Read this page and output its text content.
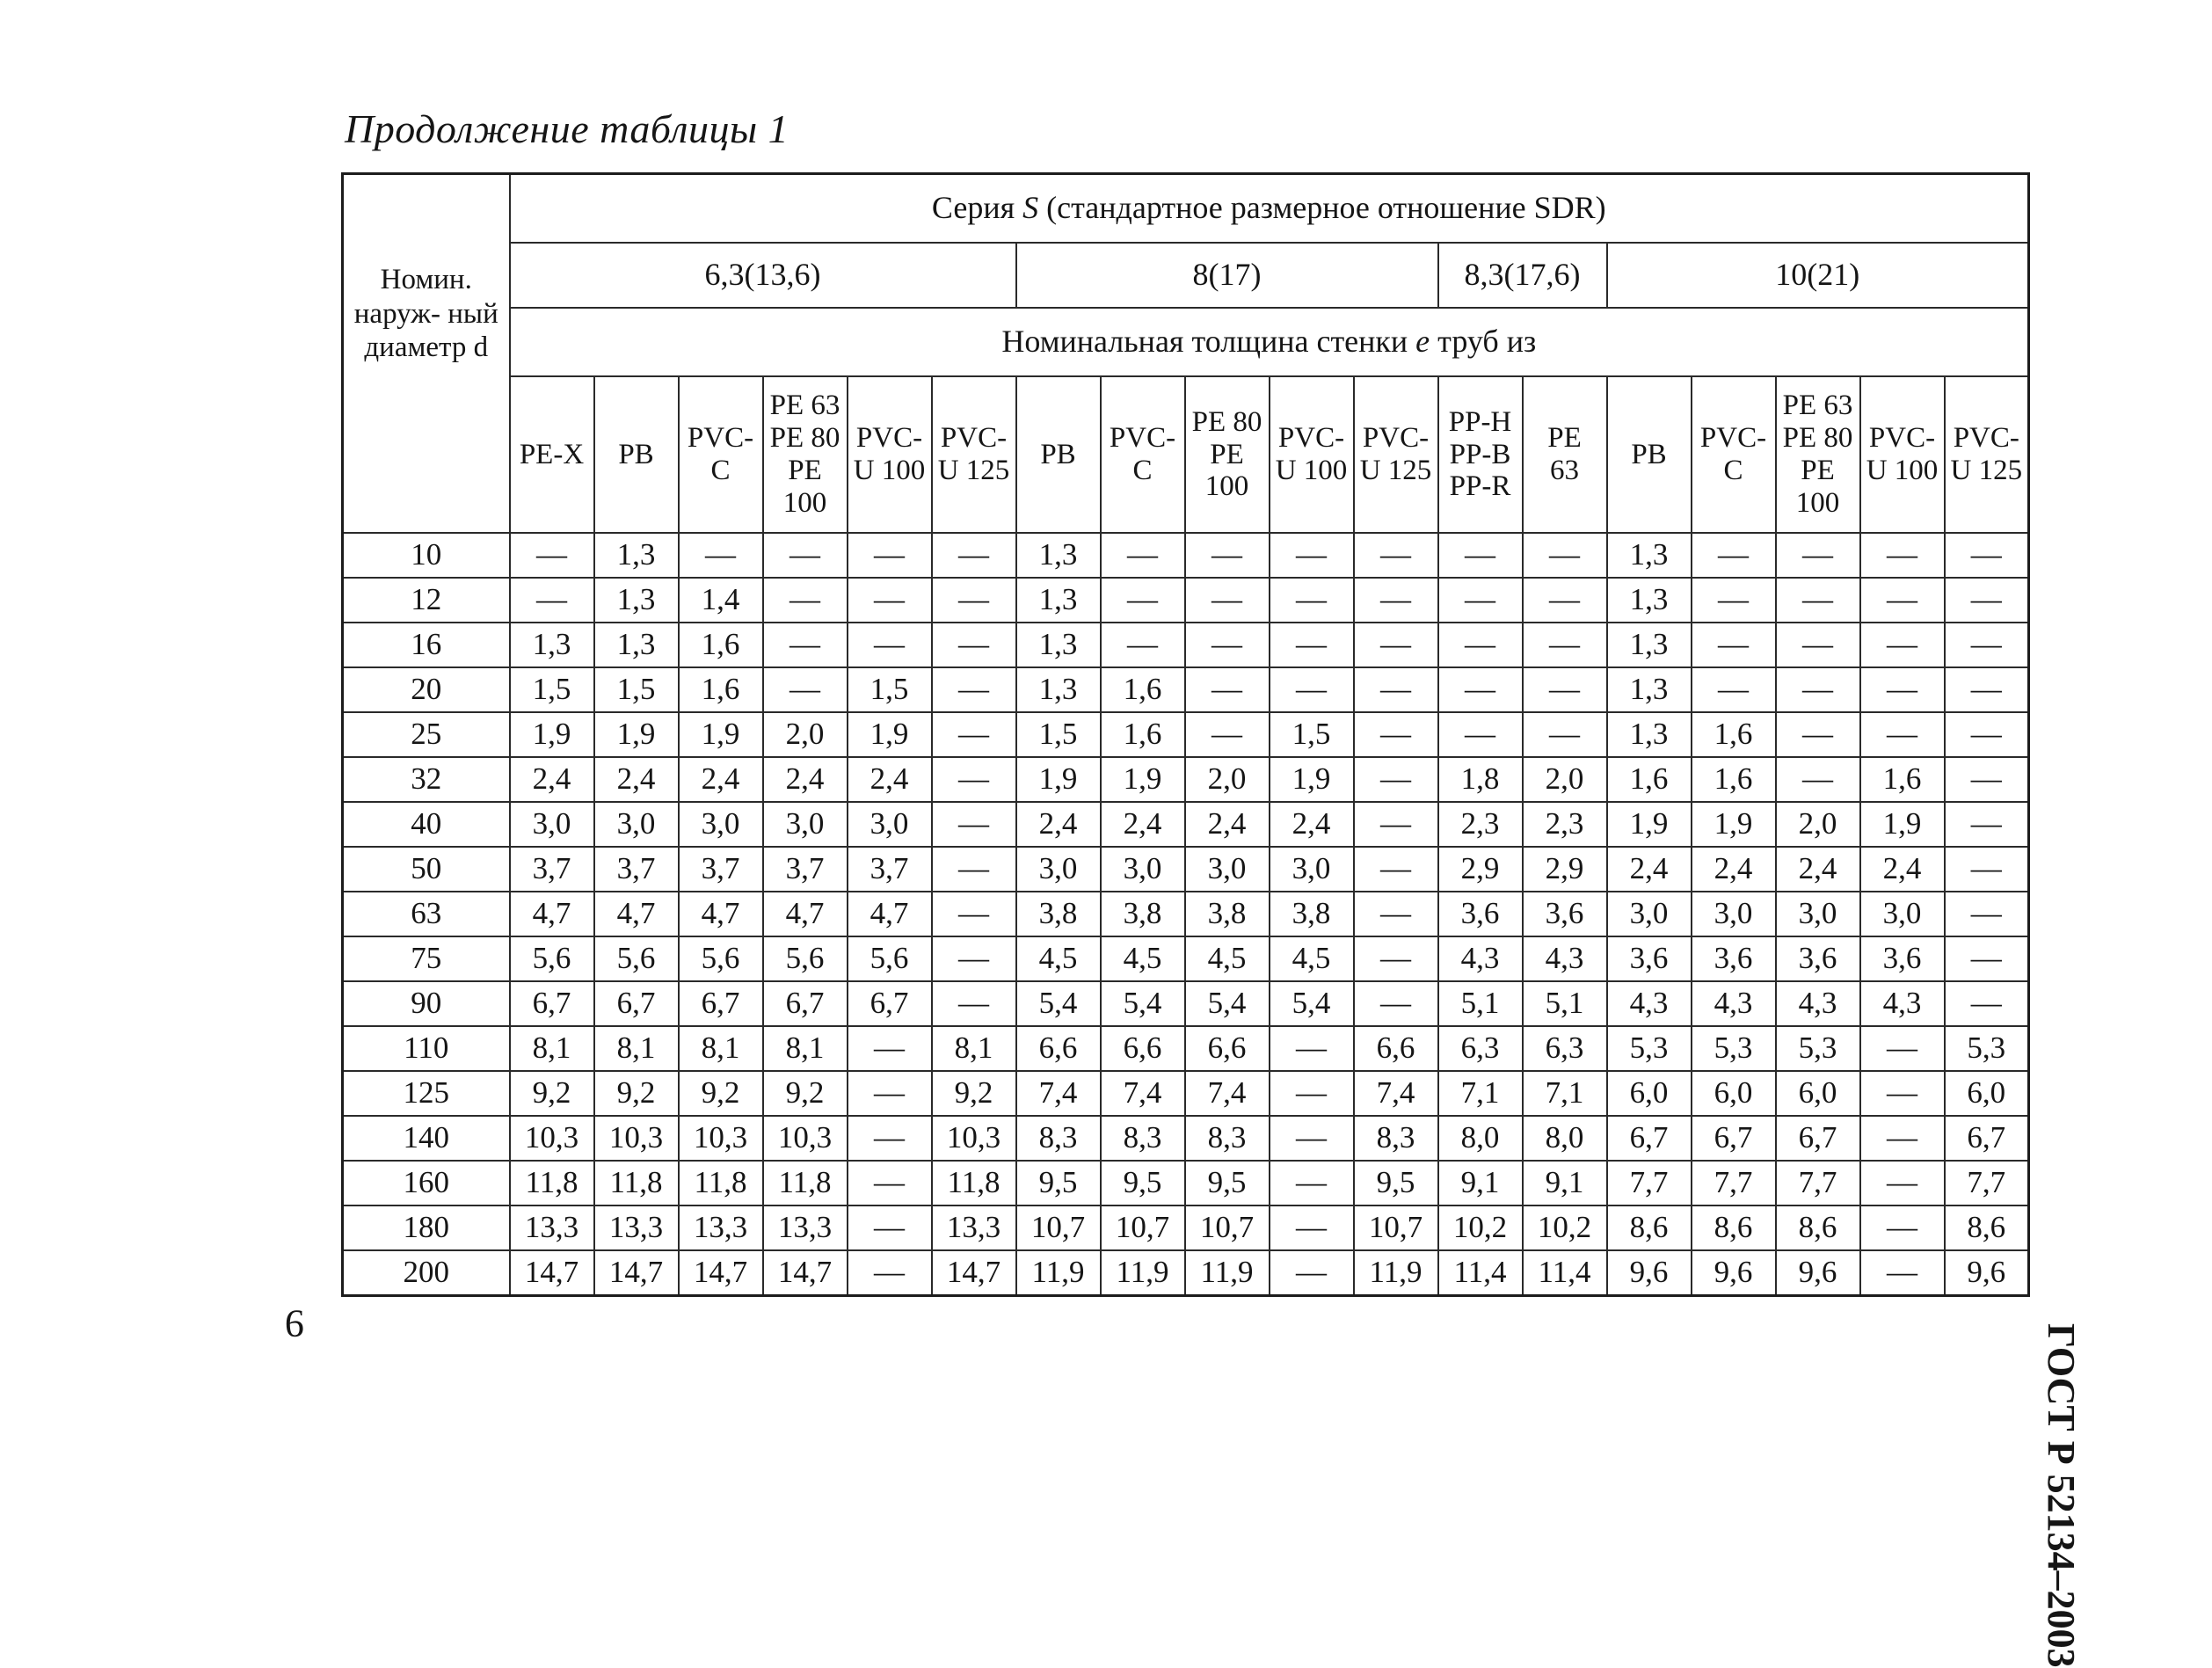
Продолжение таблицы 1
Номин. наруж- ный диаметр d	Серия S (стандартное размерное отношение SDR)																	
	6,3(13,6)						8(17)					8,3(17,6)		10(21)				
	Номинальная толщина стенки e труб из																	
	PE-X	PB	PVC-
C	PE 63
PE 80
PE
100	PVC-
U 100	PVC-
U 125	PB	PVC-
C	PE 80
PE
100	PVC-
U 100	PVC-
U 125	PP-H
PP-B
PP-R	PE
63	PB	PVC-
C	PE 63
PE 80
PE
100	PVC-
U 100	PVC-
U 125
10	—	1,3	—	—	—	—	1,3	—	—	—	—	—	—	1,3	—	—	—	—
12	—	1,3	1,4	—	—	—	1,3	—	—	—	—	—	—	1,3	—	—	—	—
16	1,3	1,3	1,6	—	—	—	1,3	—	—	—	—	—	—	1,3	—	—	—	—
20	1,5	1,5	1,6	—	1,5	—	1,3	1,6	—	—	—	—	—	1,3	—	—	—	—
25	1,9	1,9	1,9	2,0	1,9	—	1,5	1,6	—	1,5	—	—	—	1,3	1,6	—	—	—
32	2,4	2,4	2,4	2,4	2,4	—	1,9	1,9	2,0	1,9	—	1,8	2,0	1,6	1,6	—	1,6	—
40	3,0	3,0	3,0	3,0	3,0	—	2,4	2,4	2,4	2,4	—	2,3	2,3	1,9	1,9	2,0	1,9	—
50	3,7	3,7	3,7	3,7	3,7	—	3,0	3,0	3,0	3,0	—	2,9	2,9	2,4	2,4	2,4	2,4	—
63	4,7	4,7	4,7	4,7	4,7	—	3,8	3,8	3,8	3,8	—	3,6	3,6	3,0	3,0	3,0	3,0	—
75	5,6	5,6	5,6	5,6	5,6	—	4,5	4,5	4,5	4,5	—	4,3	4,3	3,6	3,6	3,6	3,6	—
90	6,7	6,7	6,7	6,7	6,7	—	5,4	5,4	5,4	5,4	—	5,1	5,1	4,3	4,3	4,3	4,3	—
110	8,1	8,1	8,1	8,1	—	8,1	6,6	6,6	6,6	—	6,6	6,3	6,3	5,3	5,3	5,3	—	5,3
125	9,2	9,2	9,2	9,2	—	9,2	7,4	7,4	7,4	—	7,4	7,1	7,1	6,0	6,0	6,0	—	6,0
140	10,3	10,3	10,3	10,3	—	10,3	8,3	8,3	8,3	—	8,3	8,0	8,0	6,7	6,7	6,7	—	6,7
160	11,8	11,8	11,8	11,8	—	11,8	9,5	9,5	9,5	—	9,5	9,1	9,1	7,7	7,7	7,7	—	7,7
180	13,3	13,3	13,3	13,3	—	13,3	10,7	10,7	10,7	—	10,7	10,2	10,2	8,6	8,6	8,6	—	8,6
200	14,7	14,7	14,7	14,7	—	14,7	11,9	11,9	11,9	—	11,9	11,4	11,4	9,6	9,6	9,6	—	9,6
9	ГОСТ Р 52134–2003
